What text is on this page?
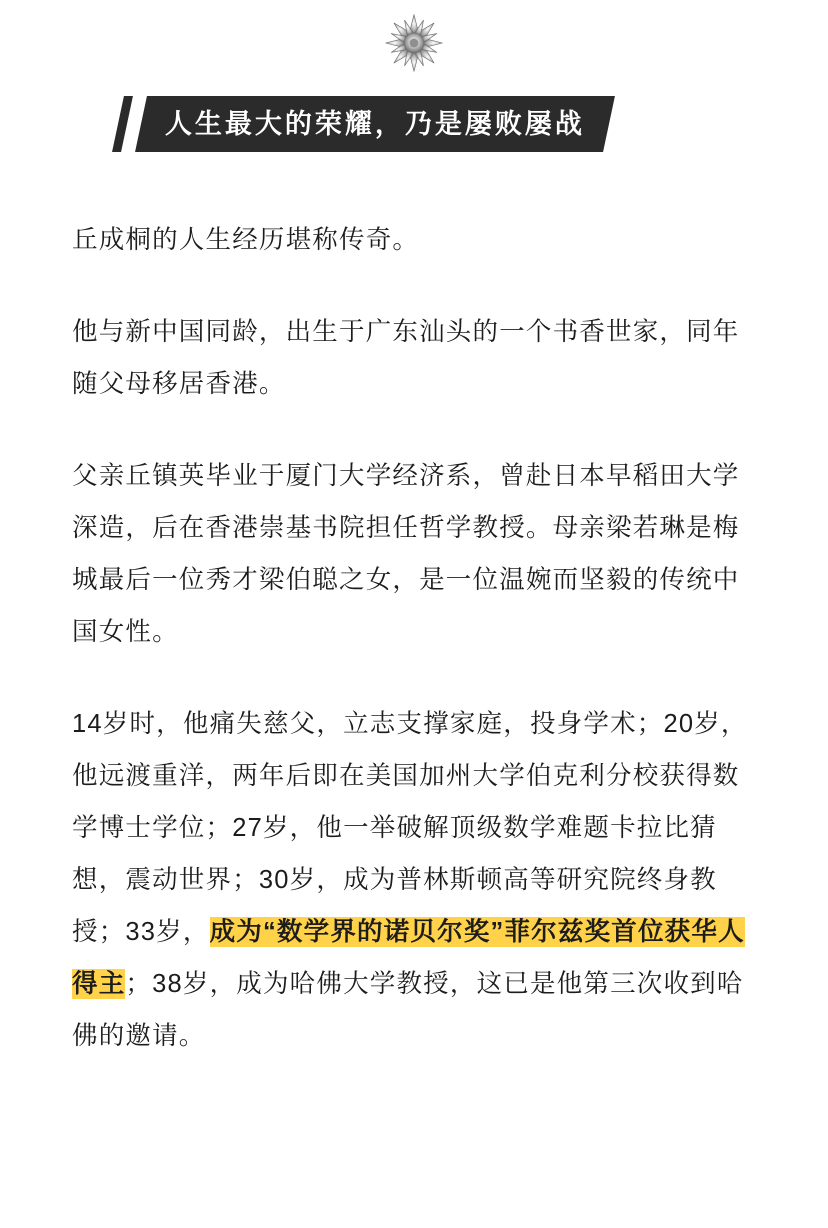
人生最大的荣耀，乃是屡败屡战

丘成桐的人生经历堪称传奇。

他与新中国同龄，出生于广东汕头的一个书香世家，同年随父母移居香港。

父亲丘镇英毕业于厦门大学经济系，曾赴日本早稻田大学深造，后在香港崇基书院担任哲学教授。母亲梁若琳是梅城最后一位秀才梁伯聪之女，是一位温婉而坚毅的传统中国女性。

14岁时，他痛失慈父，立志支撑家庭，投身学术；20岁，他远渡重洋，两年后即在美国加州大学伯克利分校获得数学博士学位；27岁，他一举破解顶级数学难题卡拉比猜想，震动世界；30岁，成为普林斯顿高等研究院终身教授；33岁，成为“数学界的诺贝尔奖”菲尔兹奖首位获华人得主；38岁，成为哈佛大学教授，这已是他第三次收到哈佛的邀请。
